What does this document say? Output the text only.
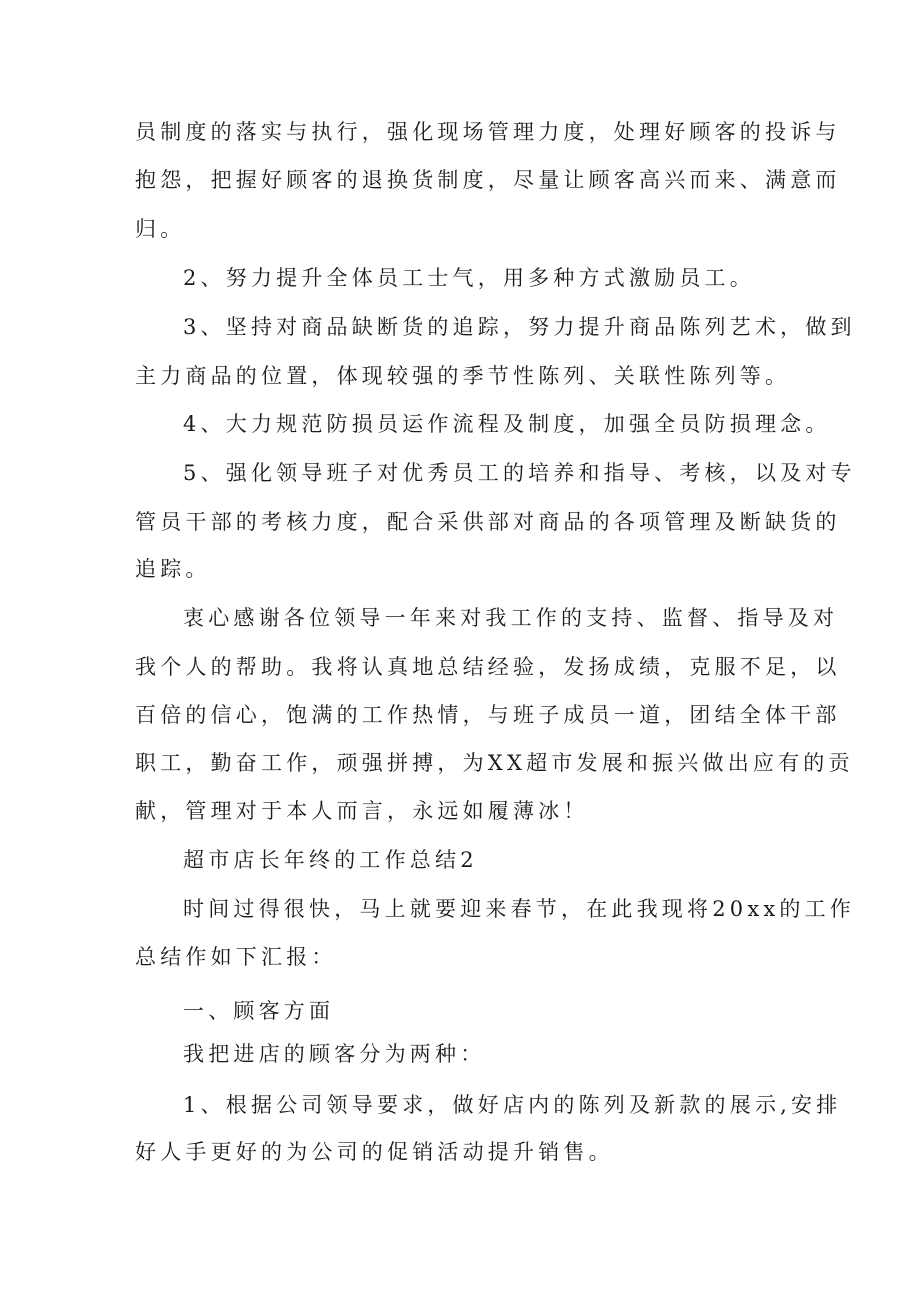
员制度的落实与执行，强化现场管理力度，处理好顾客的投诉与
抱怨，把握好顾客的退换货制度，尽量让顾客高兴而来、满意而
归。
2、努力提升全体员工士气，用多种方式激励员工。
3、坚持对商品缺断货的追踪，努力提升商品陈列艺术，做到
主力商品的位置，体现较强的季节性陈列、关联性陈列等。
4、大力规范防损员运作流程及制度，加强全员防损理念。
5、强化领导班子对优秀员工的培养和指导、考核，以及对专
管员干部的考核力度，配合采供部对商品的各项管理及断缺货的
追踪。
衷心感谢各位领导一年来对我工作的支持、监督、指导及对
我个人的帮助。我将认真地总结经验，发扬成绩，克服不足，以
百倍的信心，饱满的工作热情，与班子成员一道，团结全体干部
职工，勤奋工作，顽强拼搏，为XX超市发展和振兴做出应有的贡
献，管理对于本人而言，永远如履薄冰！
超市店长年终的工作总结2
时间过得很快，马上就要迎来春节，在此我现将20xx的工作
总结作如下汇报：
一、顾客方面
我把进店的顾客分为两种：
1、根据公司领导要求，做好店内的陈列及新款的展示,安排
好人手更好的为公司的促销活动提升销售。
